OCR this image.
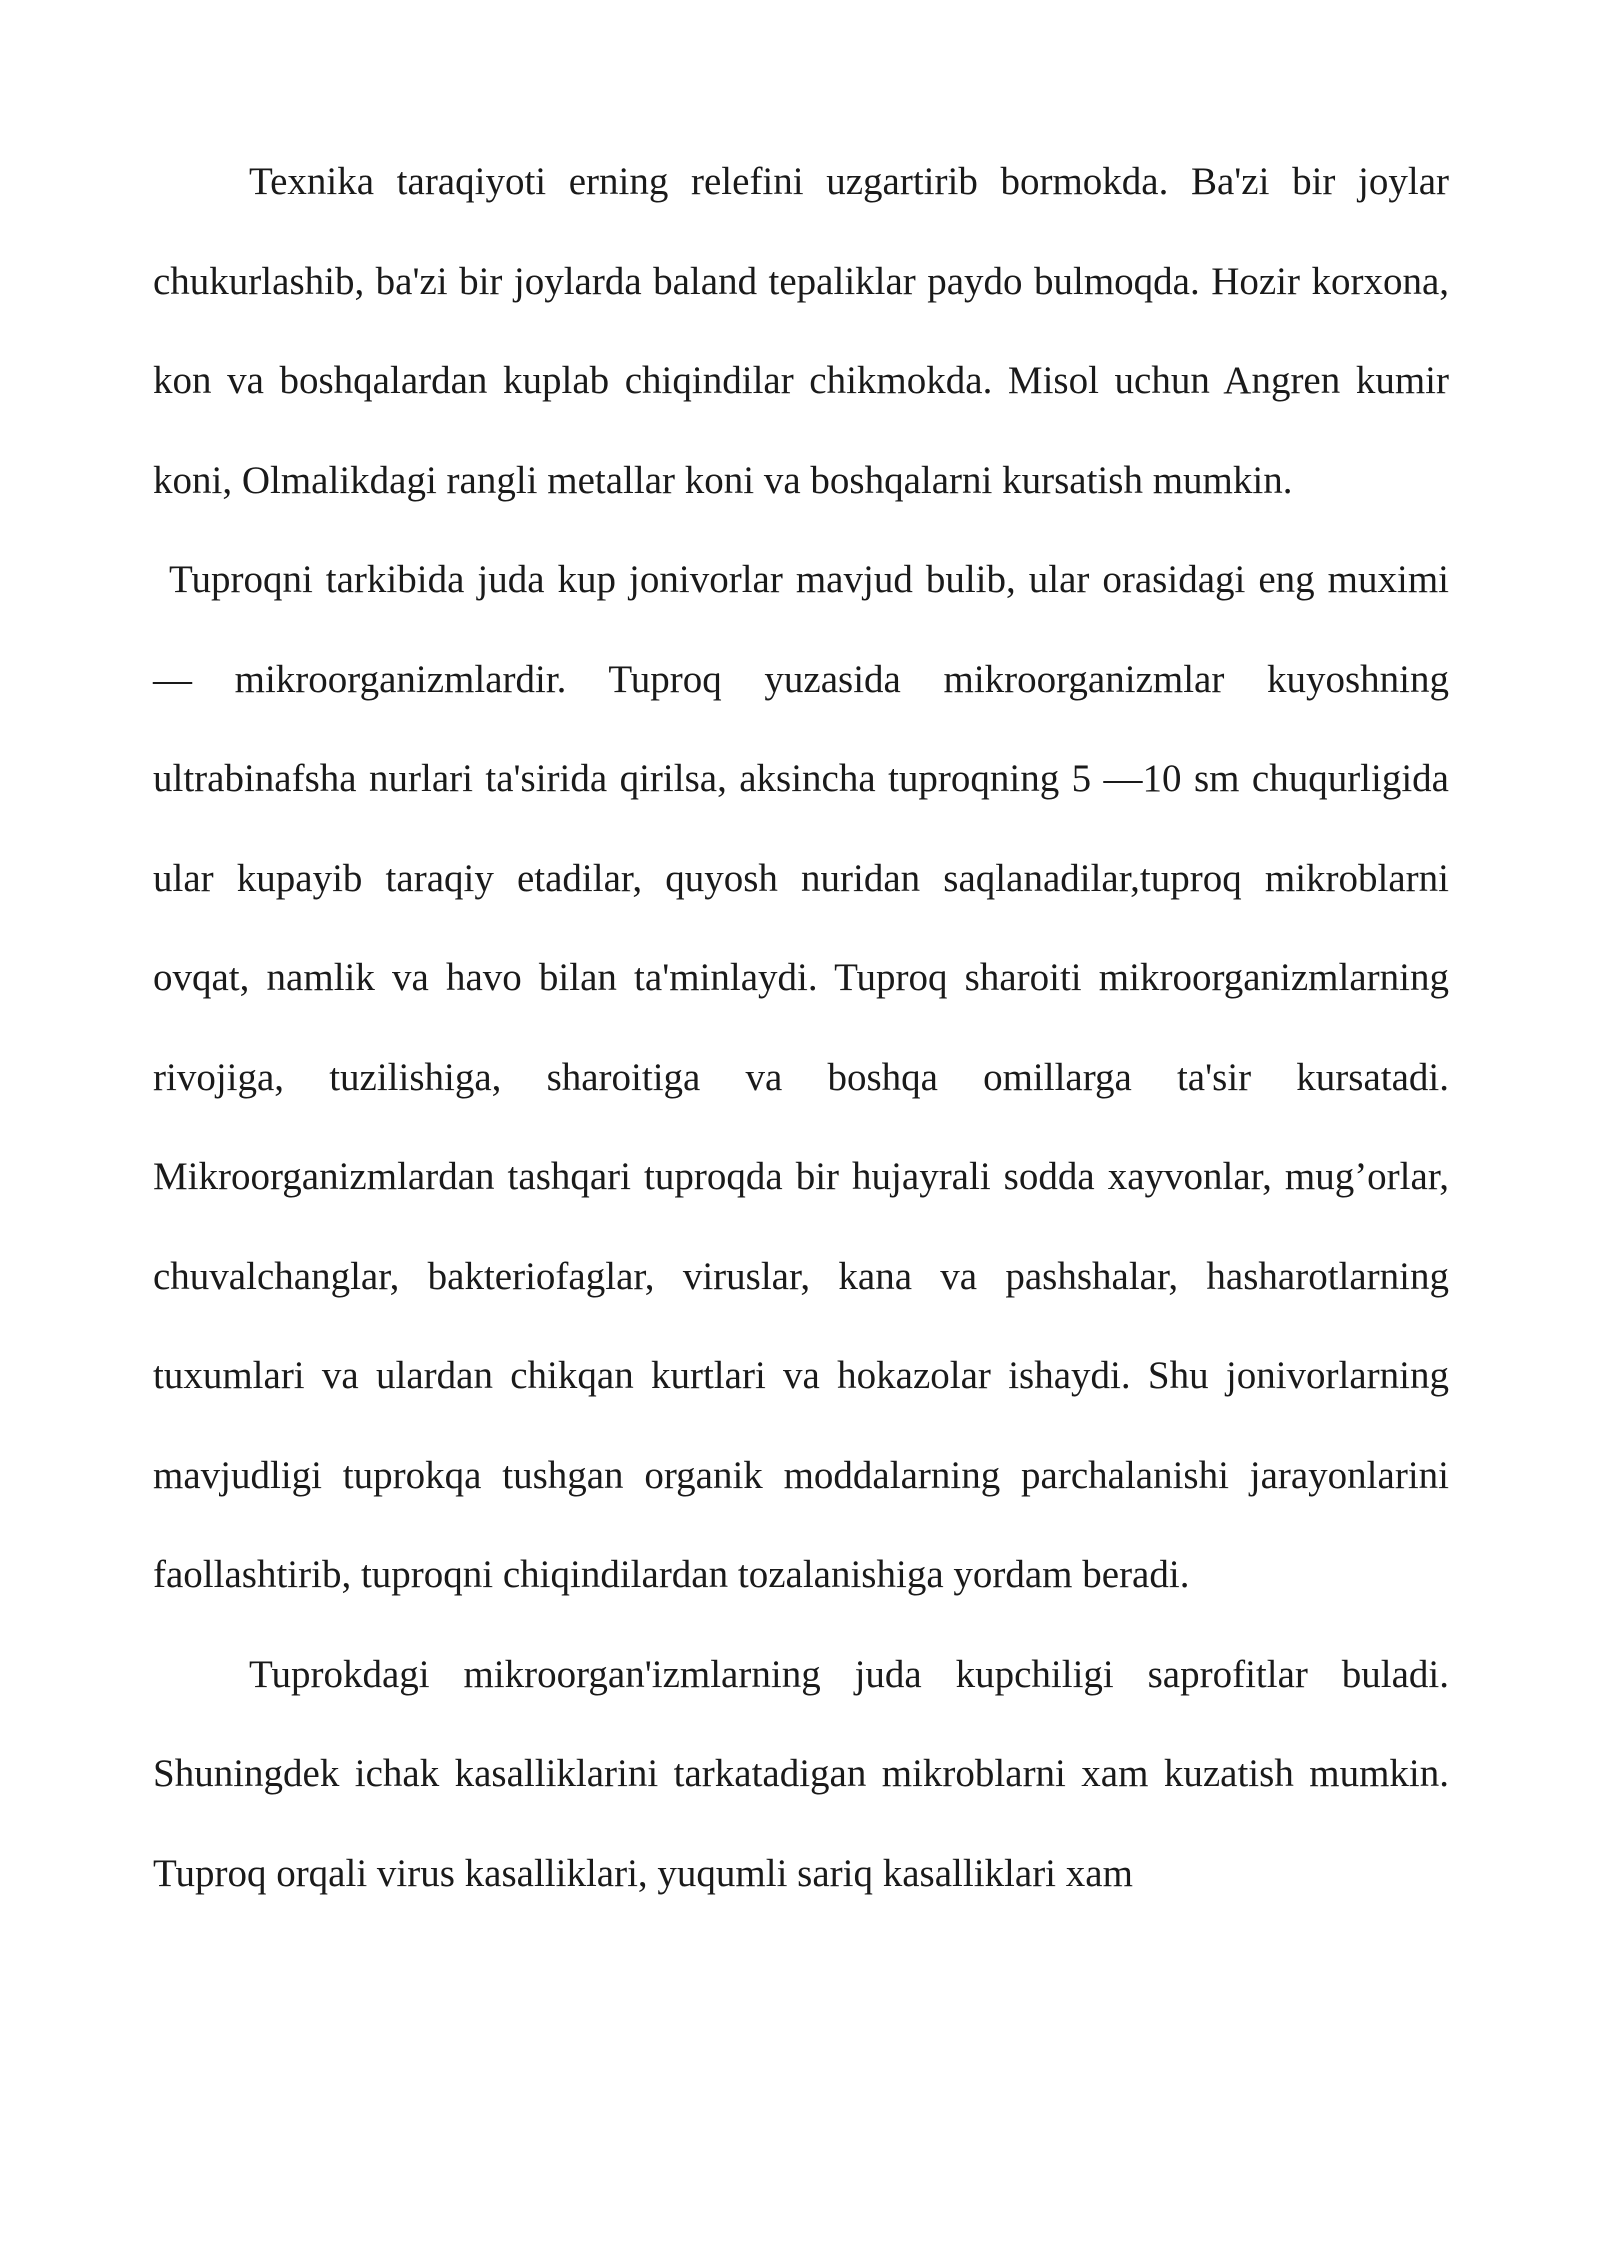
Texnika taraqiyoti erning relefini uzgartirib bormokda. Ba'zi bir joylar chukurlashib, ba'zi bir joylarda baland tepaliklar paydo bulmoqda. Hozir korxona, kon va boshqalardan kuplab chiqindilar chikmokda. Misol uchun Angren kumir koni, Olmalikdagi rangli metallar koni va boshqalarni kursatish mumkin.

Tuproqni tarkibida juda kup jonivorlar mavjud bulib, ular orasidagi eng muximi — mikroorganizmlardir. Tuproq yuzasida mikroorganizmlar kuyoshning ultrabinafsha nurlari ta'sirida qirilsa, aksincha tuproqning 5 —10 sm chuqurligida ular kupayib taraqiy etadilar, quyosh nuridan saqlanadilar,tuproq mikroblarni ovqat, namlik va havo bilan ta'minlaydi. Tuproq sharoiti mikroorganizmlarning rivojiga, tuzilishiga, sharoitiga va boshqa omillarga ta'sir kursatadi. Mikroorganizmlardan tashqari tuproqda bir hujayrali sodda xayvonlar, mug’orlar, chuvalchanglar, bakteriofaglar, viruslar, kana va pashshalar, hasharotlarning tuxumlari va ulardan chikqan kurtlari va hokazolar ishaydi. Shu jonivorlarning mavjudligi tuprokqa tushgan organik moddalarning parchalanishi jarayonlarini faollashtirib, tuproqni chiqindilardan tozalanishiga yordam beradi.

Tuprokdagi mikroorgan'izmlarning juda kupchiligi saprofitlar buladi. Shuningdek ichak kasalliklarini tarkatadigan mikroblarni xam kuzatish mumkin. Tuproq orqali virus kasalliklari, yuqumli sariq kasalliklari xam
